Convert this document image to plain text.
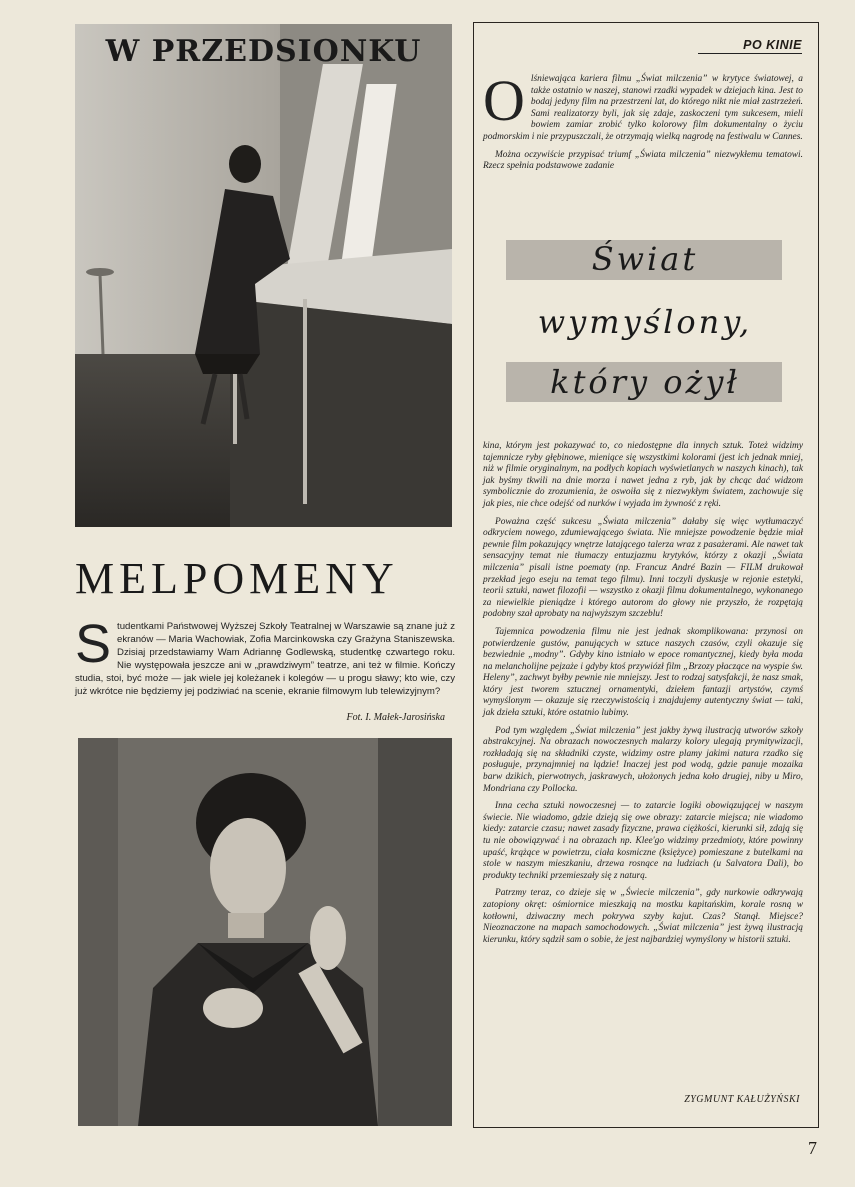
W PRZEDSIONKU
MELPOMENY
S tudentkami Państwowej Wyższej Szkoły Teatralnej w Warszawie są znane już z ekranów — Maria Wachowiak, Zofia Marcinkowska czy Grażyna Staniszewska. Dzisiaj przedstawiamy Wam Adriannę Godlewską, studentkę czwartego roku. Nie występowała jeszcze ani w „prawdziwym” teatrze, ani też w filmie. Kończy studia, stoi, być może — jak wiele jej koleżanek i kolegów — u progu sławy; kto wie, czy już wkrótce nie będziemy jej podziwiać na scenie, ekranie filmowym lub telewizyjnym?
Fot. I. Małek-Jarosińska
PO KINIE

O lśniewająca kariera filmu „Świat milczenia” w krytyce światowej, a także ostatnio w naszej, stanowi rzadki wypadek w dziejach kina. Jest to bodaj jedyny film na przestrzeni lat, do którego nikt nie miał zastrzeżeń. Sami realizatorzy byli, jak się zdaje, zaskoczeni tym sukcesem, mieli bowiem zamiar zrobić tylko kolorowy film dokumentalny o życiu podmorskim i nie przypuszczali, że otrzymają wielką nagrodę na festiwalu w Cannes.

Można oczywiście przypisać triumf „Świata milczenia” niezwykłemu tematowi. Rzecz spełnia podstawowe zadanie

Świat
wymyślony,
który ożył

kina, którym jest pokazywać to, co niedostępne dla innych sztuk. Toteż widzimy tajemnicze ryby głębinowe, mieniące się wszystkimi kolorami (jest ich jednak mniej, niż w filmie oryginalnym, na podłych kopiach wyświetlanych w naszych kinach), tak jak byśmy tkwili na dnie morza i nawet jedna z ryb, jak by chcąc dać widzom symbolicznie do zrozumienia, że oswoiła się z niezwykłym światem, zachowuje się jak pies, nie chce odejść od nurków i wyjada im żywność z ręki.

Poważna część sukcesu „Świata milczenia” dałaby się więc wytłumaczyć odkryciem nowego, zdumiewającego świata. Nie mniejsze powodzenie będzie miał pewnie film pokazujący wnętrze latającego talerza wraz z pasażerami. Ale nawet tak sensacyjny temat nie tłumaczy entuzjazmu krytyków, którzy z okazji „Świata milczenia” pisali istne poematy (np. Francuz André Bazin — FILM drukował przekład jego eseju na temat tego filmu). Inni toczyli dyskusje w rejonie estetyki, teorii sztuki, nawet filozofii — wszystko z okazji filmu dokumentalnego, wykonanego za niewielkie pieniądze i którego autorom do głowy nie przyszło, że rozpętają podobny szał aprobaty na najwyższym szczeblu!

Tajemnica powodzenia filmu nie jest jednak skomplikowana: przynosi on potwierdzenie gustów, panujących w sztuce naszych czasów, czyli okazuje się bezwiednie „modny”. Gdyby kino istniało w epoce romantycznej, kiedy była moda na melancholijne pejzaże i gdyby ktoś przywiózł film „Brzozy płaczące na wyspie św. Heleny”, zachwyt byłby pewnie nie mniejszy. Jest to rodzaj satysfakcji, że nasz smak, który jest tworem sztucznej ornamentyki, dziełem fantazji artystów, czymś wymyślonym — okazuje się rzeczywistością i znajdujemy autentyczny świat — taki, jak dzieła sztuki, które ostatnio lubimy.

Pod tym względem „Świat milczenia” jest jakby żywą ilustracją utworów szkoły abstrakcyjnej. Na obrazach nowoczesnych malarzy kolory ulegają prymitywizacji, rozkładają się na składniki czyste, widzimy ostre plamy jakimi natura rzadko się posługuje, przynajmniej na lądzie! Inaczej jest pod wodą, gdzie panuje mozaika barw dzikich, pierwotnych, jaskrawych, ułożonych jedna koło drugiej, niby u Miro, Mondriana czy Pollocka.

Inna cecha sztuki nowoczesnej — to zatarcie logiki obowiązującej w naszym świecie. Nie wiadomo, gdzie dzieją się owe obrazy: zatarcie miejsca; nie wiadomo kiedy: zatarcie czasu; nawet zasady fizyczne, prawa ciężkości, kierunki sił, zdają się tu nie obowiązywać i na obrazach np. Klee'go widzimy przedmioty, które powinny upaść, krążące w powietrzu, ciała kosmiczne (księżyce) pomieszane z butelkami na stole w naszym mieszkaniu, drzewa rosnące na ludziach (u Salvatora Dali), bo produkty techniki przemieszały się z naturą.

Patrzmy teraz, co dzieje się w „Świecie milczenia”, gdy nurkowie odkrywają zatopiony okręt: ośmiornice mieszkają na mostku kapitańskim, korale rosną w kotłowni, dziwaczny mech pokrywa szyby kajut. Czas? Stanął. Miejsce? Nieoznaczone na mapach samochodowych. „Świat milczenia” jest żywą ilustracją kierunku, który sądził sam o sobie, że jest najbardziej wymyślony w historii sztuki.

ZYGMUNT KAŁUŻYŃSKI
7
